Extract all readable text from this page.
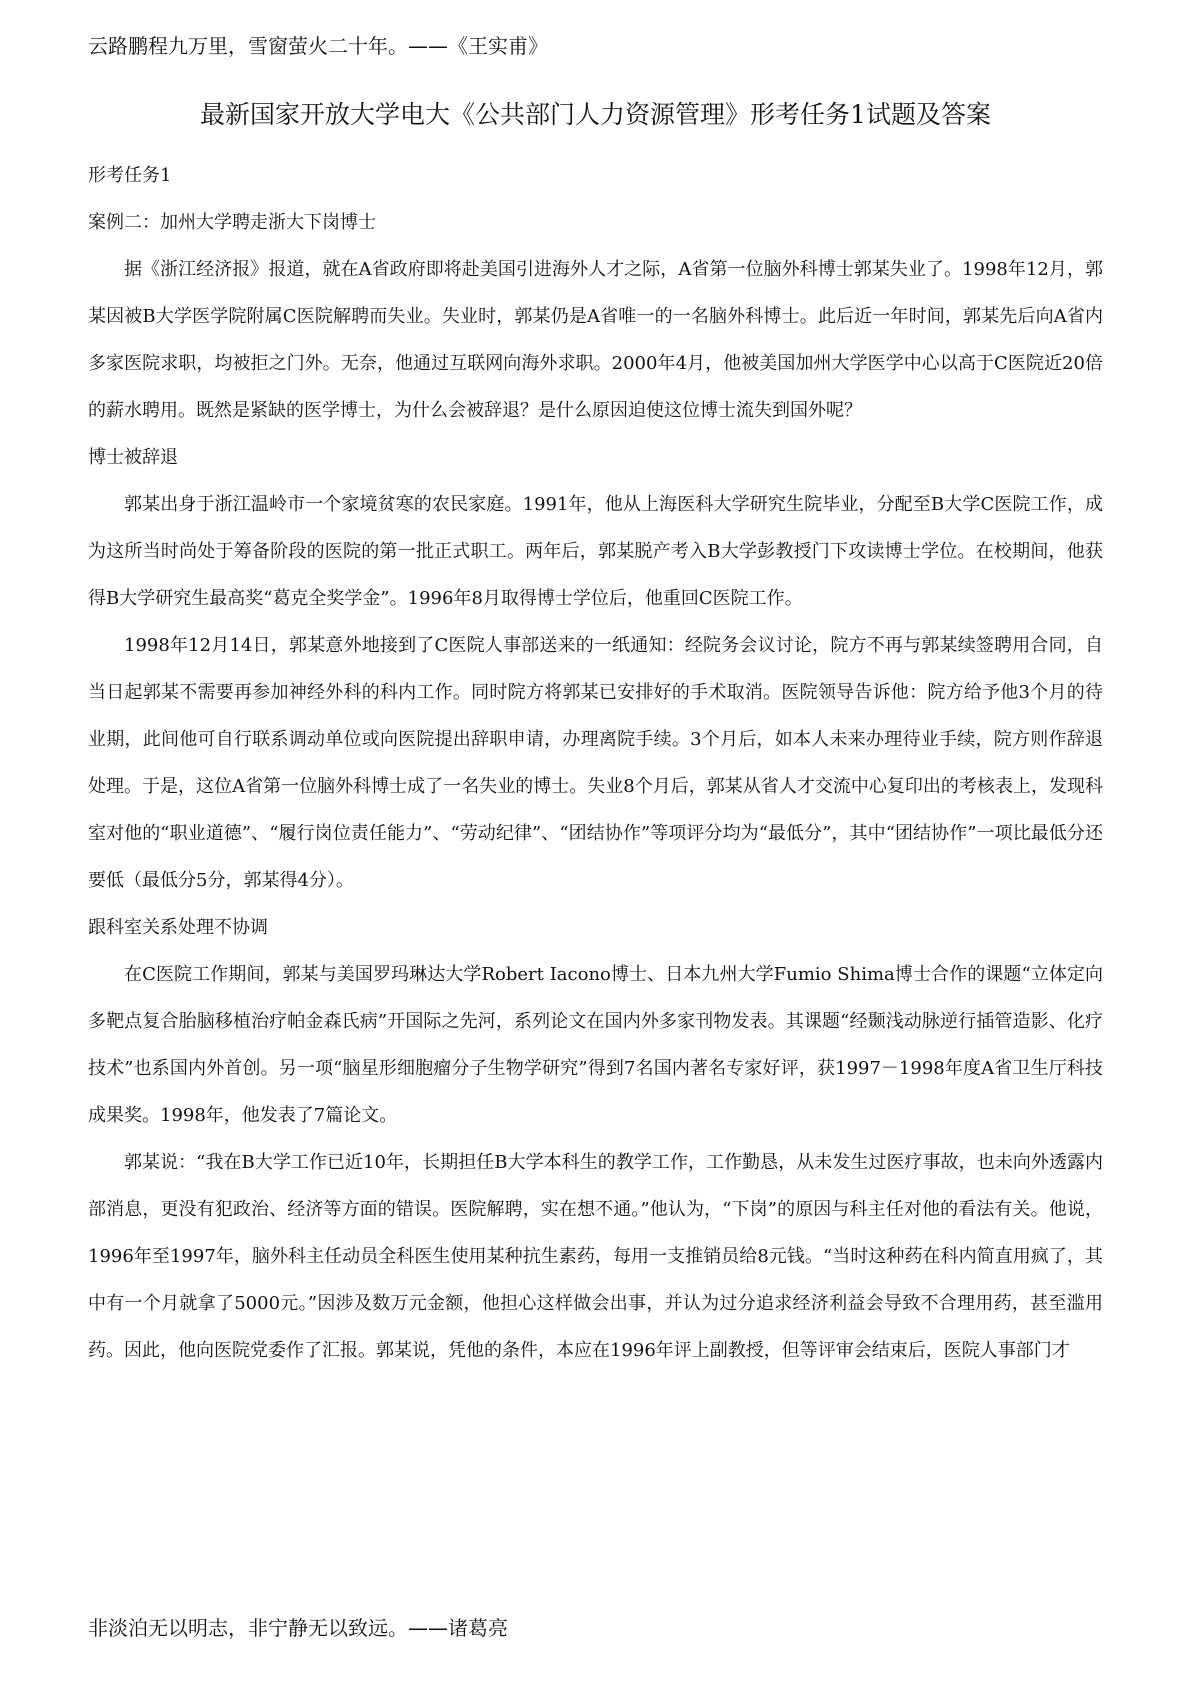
云路鹏程九万里，雪窗萤火二十年。——《王实甫》
最新国家开放大学电大《公共部门人力资源管理》形考任务1试题及答案

形考任务1

案例二：加州大学聘走浙大下岗博士

据《浙江经济报》报道，就在A省政府即将赴美国引进海外人才之际，A省第一位脑外科博士郭某失业了。1998年12月，郭某因被B大学医学院附属C医院解聘而失业。失业时，郭某仍是A省唯一的一名脑外科博士。此后近一年时间，郭某先后向A省内多家医院求职，均被拒之门外。无奈，他通过互联网向海外求职。2000年4月，他被美国加州大学医学中心以高于C医院近20倍的薪水聘用。既然是紧缺的医学博士，为什么会被辞退？是什么原因迫使这位博士流失到国外呢？

博士被辞退

郭某出身于浙江温岭市一个家境贫寒的农民家庭。1991年，他从上海医科大学研究生院毕业，分配至B大学C医院工作，成为这所当时尚处于筹备阶段的医院的第一批正式职工。两年后，郭某脱产考入B大学彭教授门下攻读博士学位。在校期间，他获得B大学研究生最高奖“葛克全奖学金”。1996年8月取得博士学位后，他重回C医院工作。

1998年12月14日，郭某意外地接到了C医院人事部送来的一纸通知：经院务会议讨论，院方不再与郭某续签聘用合同，自当日起郭某不需要再参加神经外科的科内工作。同时院方将郭某已安排好的手术取消。医院领导告诉他：院方给予他3个月的待业期，此间他可自行联系调动单位或向医院提出辞职申请，办理离院手续。3个月后，如本人未来办理待业手续，院方则作辞退处理。于是，这位A省第一位脑外科博士成了一名失业的博士。失业8个月后，郭某从省人才交流中心复印出的考核表上，发现科室对他的“职业道德”、“履行岗位责任能力”、“劳动纪律”、“团结协作”等项评分均为“最低分”，其中“团结协作”一项比最低分还要低（最低分5分，郭某得4分）。

跟科室关系处理不协调

在C医院工作期间，郭某与美国罗玛琳达大学Robert Iacono博士、日本九州大学Fumio Shima博士合作的课题“立体定向多靶点复合胎脑移植治疗帕金森氏病”开国际之先河，系列论文在国内外多家刊物发表。其课题“经颞浅动脉逆行插管造影、化疗技术”也系国内外首创。另一项“脑星形细胞瘤分子生物学研究”得到7名国内著名专家好评，获1997－1998年度A省卫生厅科技成果奖。1998年，他发表了7篇论文。

郭某说：“我在B大学工作已近10年，长期担任B大学本科生的教学工作，工作勤恳，从未发生过医疗事故，也未向外透露内部消息，更没有犯政治、经济等方面的错误。医院解聘，实在想不通。”他认为，“下岗”的原因与科主任对他的看法有关。他说，1996年至1997年，脑外科主任动员全科医生使用某种抗生素药，每用一支推销员给8元钱。“当时这种药在科内简直用疯了，其中有一个月就拿了5000元。”因涉及数万元金额，他担心这样做会出事，并认为过分追求经济利益会导致不合理用药，甚至滥用药。因此，他向医院党委作了汇报。郭某说，凭他的条件，本应在1996年评上副教授，但等评审会结束后，医院人事部门才

非淡泊无以明志，非宁静无以致远。——诸葛亮
